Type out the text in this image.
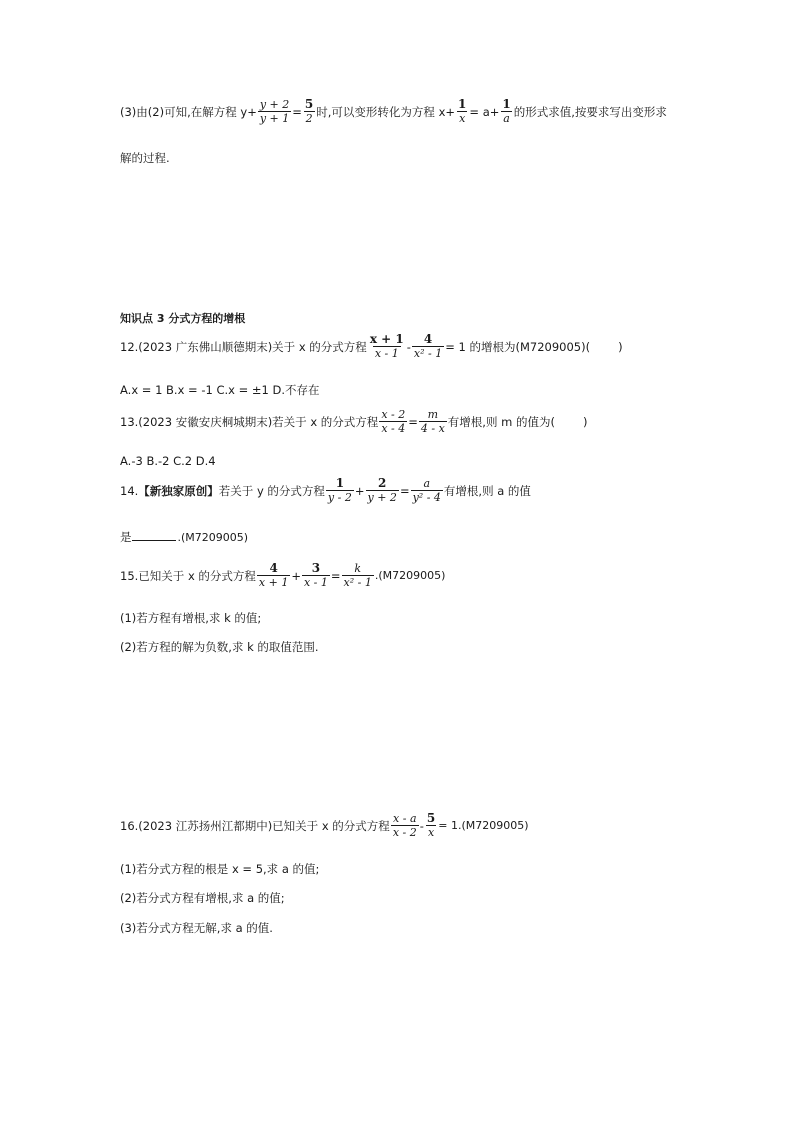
(3)由(2)可知,在解方程 $y+ \frac{y + 2}{y + 1} = \frac{5}{2}$ 时,可以变形转化为方程 $x+ \frac{1}{x} = a+ \frac{1}{a}$ 的形式求值,按要求写出变形求
解的过程.
知识点 3 分式方程的增根
12.(2023 广东佛山顺德期末)关于 x 的分式方程 $\frac{x + 1}{x - 1} - \frac{4}{\text{x² - 1}} = 1$ 的增根为(M7209005)( )
A.x = 1 B.x = -1 C.x = ±1 D.不存在
13.(2023 安徽安庆桐城期末)若关于 x 的分式方程 $\frac{x - 2}{x - 4} = \frac{m}{4 - x}$ 有增根,则 m 的值为( )
A.-3 B.-2 C.2 D.4
14. 【新独家原创】 若关于 y 的分式方程 $\frac{1}{y - 2} + \frac{2}{y + 2} = \frac{a}{\text{y² - 4}}$ 有增根,则 a 的值
是	.(M7209005)
15.已知关于 x 的分式方程 $\frac{4}{x + 1} + \frac{3}{x - 1} = \frac{k}{\text{x² - 1}} .(M7209005)$
(1)若方程有增根,求 k 的值;
(2)若方程的解为负数,求 k 的取值范围.
16.(2023 江苏扬州江都期中)已知关于 x 的分式方程 $\frac{x - a}{x - 2} - \frac{5}{x} = 1.(M7209005)$
(1)若分式方程的根是 x = 5,求 a 的值;
(2)若分式方程有增根,求 a 的值;
(3)若分式方程无解,求 a 的值.
